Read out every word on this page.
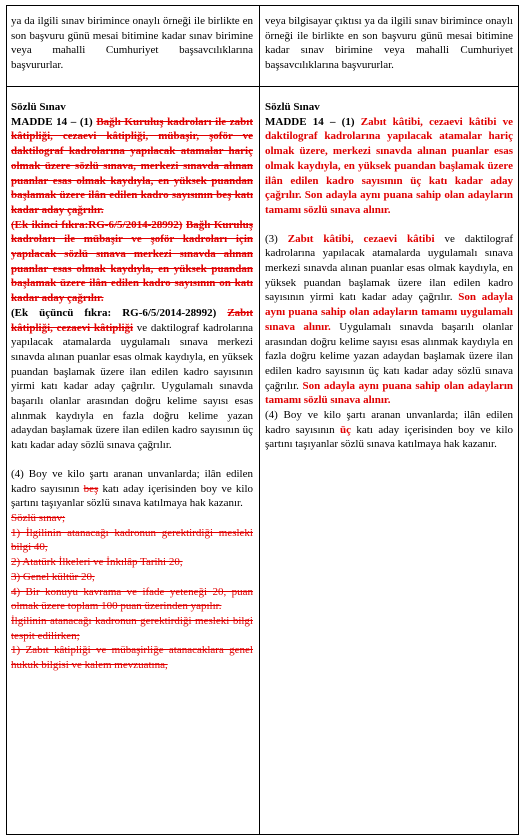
ya da ilgili sınav birimince onaylı örneği ile birlikte en son başvuru günü mesai bitimine kadar sınav birimine veya mahalli Cumhuriyet başsavcılıklarına başvururlar.

veya bilgisayar çıktısı ya da ilgili sınav birimince onaylı örneği ile birlikte en son başvuru günü mesai bitimine kadar sınav birimine veya mahalli Cumhuriyet başsavcılıklarına başvururlar.

Sözlü Sınav

MADDE 14 – (1) Bağlı Kuruluş kadroları ile zabıt kâtipliği, cezaevi kâtipliği, mübaşir, şoför ve daktilograf kadrolarına yapılacak atamalar hariç olmak üzere sözlü sınava, merkezi sınavda alınan puanlar esas olmak kaydıyla, en yüksek puandan başlamak üzere ilân edilen kadro sayısının beş katı kadar aday çağrılır.

(Ek ikinci fıkra:RG-6/5/2014-28992) Bağlı Kuruluş kadroları ile mübaşir ve şoför kadroları için yapılacak sözlü sınava merkezi sınavda alınan puanlar esas olmak kaydıyla, en yüksek puandan başlamak üzere ilân edilen kadro sayısının on katı kadar aday çağrılır.

(Ek üçüncü fıkra: RG-6/5/2014-28992) Zabıt kâtipliği, cezaevi kâtipliği ve daktilograf kadrolarına yapılacak atamalarda uygulamalı sınava merkezi sınavda alınan puanlar esas olmak kaydıyla, en yüksek puandan başlamak üzere ilan edilen kadro sayısının yirmi katı kadar aday çağrılır. Uygulamalı sınavda başarılı olanlar arasından doğru kelime sayısı esas alınmak kaydıyla en fazla doğru kelime yazan adaydan başlamak üzere ilan edilen kadro sayısının üç katı kadar aday sözlü sınava çağrılır.

(4) Boy ve kilo şartı aranan unvanlarda; ilân edilen kadro sayısının beş katı aday içerisinden boy ve kilo şartını taşıyanlar sözlü sınava katılmaya hak kazanır.

Sözlü sınav;

1) İlgilinin atanacağı kadronun gerektirdiği mesleki bilgi 40,

2) Atatürk İlkeleri ve İnkılâp Tarihi 20,

3) Genel kültür 20,

4) Bir konuyu kavrama ve ifade yeteneği 20, puan olmak üzere toplam 100 puan üzerinden yapılır.

İlgilinin atanacağı kadronun gerektirdiği mesleki bilgi tespit edilirken;

1) Zabıt kâtipliği ve mübaşirliğe atanacaklara genel hukuk bilgisi ve kalem mevzuatına,

Sözlü Sınav

MADDE 14 – (1) Zabıt kâtibi, cezaevi kâtibi ve daktilograf kadrolarına yapılacak atamalar hariç olmak üzere, merkezi sınavda alınan puanlar esas olmak kaydıyla, en yüksek puandan başlamak üzere ilân edilen kadro sayısının üç katı kadar aday çağrılır. Son adayla aynı puana sahip olan adayların tamamı sözlü sınava alınır.

(3) Zabıt kâtibi, cezaevi kâtibi ve daktilograf kadrolarına yapılacak atamalarda uygulamalı sınava merkezi sınavda alınan puanlar esas olmak kaydıyla, en yüksek puandan başlamak üzere ilan edilen kadro sayısının yirmi katı kadar aday çağrılır. Son adayla aynı puana sahip olan adayların tamamı uygulamalı sınava alınır. Uygulamalı sınavda başarılı olanlar arasından doğru kelime sayısı esas alınmak kaydıyla en fazla doğru kelime yazan adaydan başlamak üzere ilan edilen kadro sayısının üç katı kadar aday sözlü sınava çağrılır. Son adayla aynı puana sahip olan adayların tamamı sözlü sınava alınır.

(4) Boy ve kilo şartı aranan unvanlarda; ilân edilen kadro sayısının üç katı aday içerisinden boy ve kilo şartını taşıyanlar sözlü sınava katılmaya hak kazanır.
